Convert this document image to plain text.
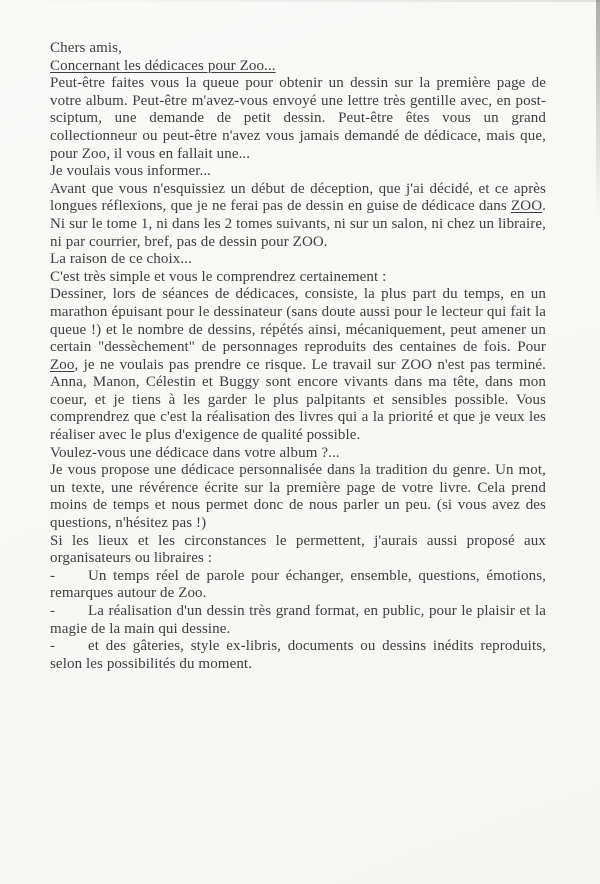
Chers amis,

Concernant les dédicaces pour Zoo...

Peut-être faites vous la queue pour obtenir un dessin sur la première page de votre album. Peut-être m'avez-vous envoyé une lettre très gentille avec, en post-sciptum, une demande de petit dessin. Peut-être êtes vous un grand collectionneur ou peut-être n'avez vous jamais demandé de dédicace, mais que, pour Zoo, il vous en fallait une...

Je voulais vous informer...

Avant que vous n'esquissiez un début de déception, que j'ai décidé, et ce après longues réflexions, que je ne ferai pas de dessin en guise de dédicace dans ZOO. Ni sur le tome 1, ni dans les 2 tomes suivants, ni sur un salon, ni chez un libraire, ni par courrier, bref, pas de dessin pour ZOO.

La raison de ce choix...

C'est très simple et vous le comprendrez certainement :

Dessiner, lors de séances de dédicaces, consiste, la plus part du temps, en un marathon épuisant pour le dessinateur (sans doute aussi pour le lecteur qui fait la queue !) et le nombre de dessins, répétés ainsi, mécaniquement, peut amener un certain "dessèchement" de personnages reproduits des centaines de fois. Pour Zoo, je ne voulais pas prendre ce risque. Le travail sur ZOO n'est pas terminé. Anna, Manon, Célestin et Buggy sont encore vivants dans ma tête, dans mon coeur, et je tiens à les garder le plus palpitants et sensibles possible. Vous comprendrez que c'est la réalisation des livres qui a la priorité et que je veux les réaliser avec le plus d'exigence de qualité possible.

Voulez-vous une dédicace dans votre album ?...

Je vous propose une dédicace personnalisée dans la tradition du genre. Un mot, un texte, une révérence écrite sur la première page de votre livre. Cela prend moins de temps et nous permet donc de nous parler un peu. (si vous avez des questions, n'hésitez pas !)

Si les lieux et les circonstances le permettent, j'aurais aussi proposé aux organisateurs ou libraires :

- Un temps réel de parole pour échanger, ensemble, questions, émotions, remarques autour de Zoo.

- La réalisation d'un dessin très grand format, en public, pour le plaisir et la magie de la main qui dessine.

- et des gâteries, style ex-libris, documents ou dessins inédits reproduits, selon les possibilités du moment.
